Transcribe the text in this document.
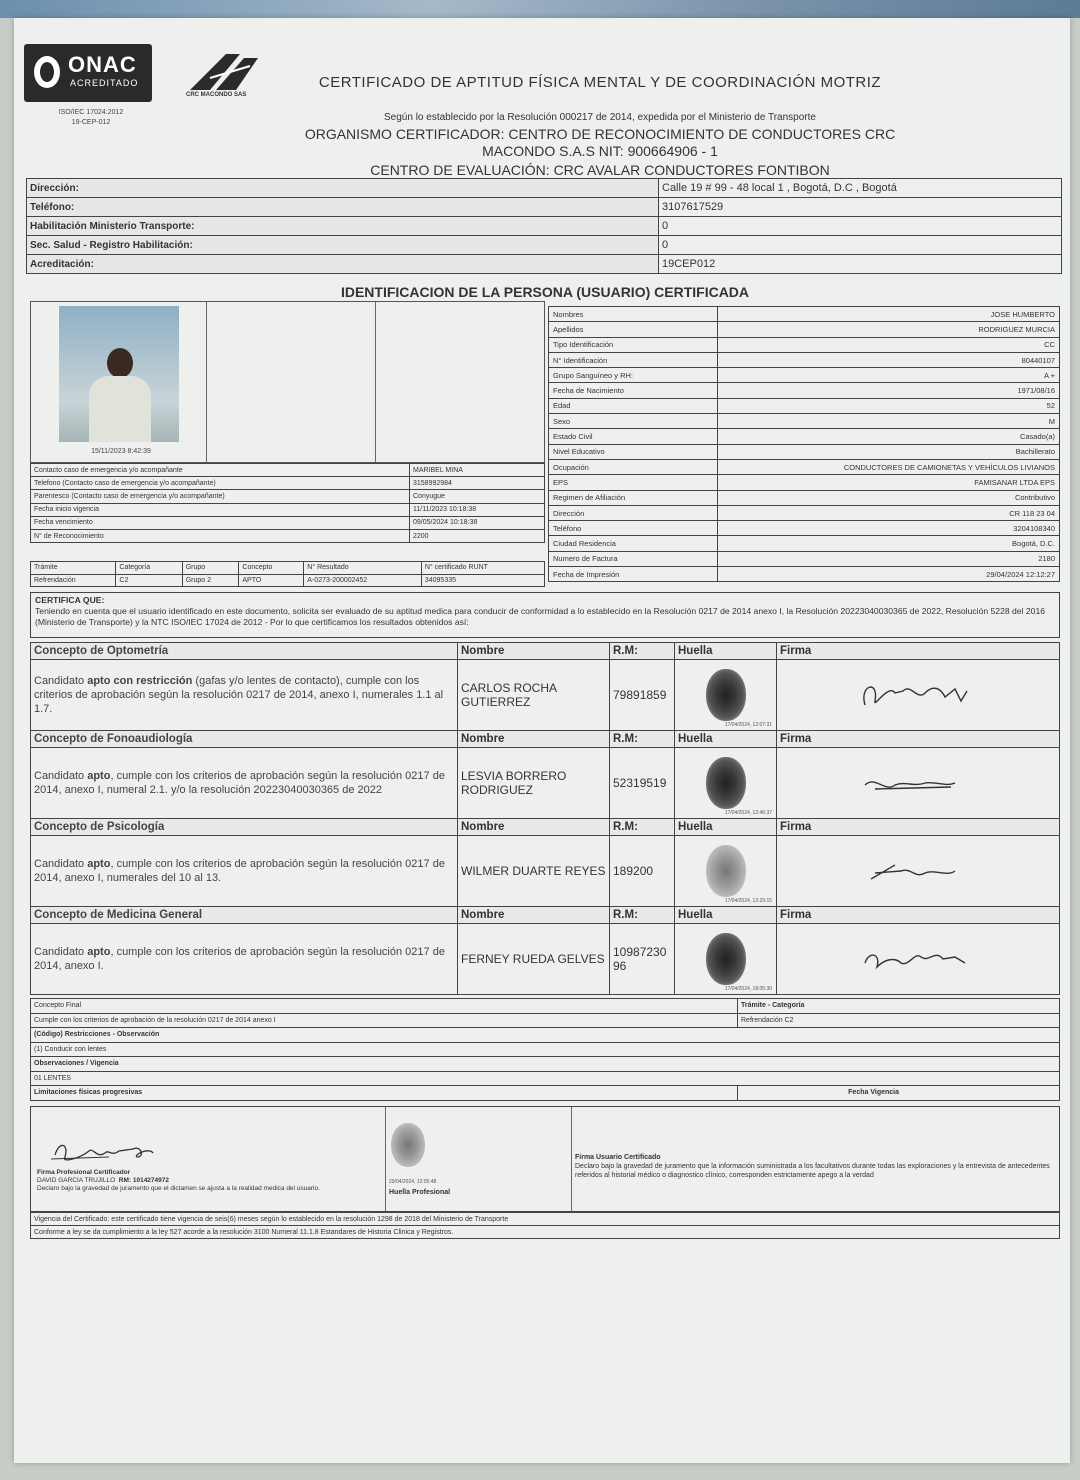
ONAC
ACREDITADO
ISO/IEC 17024:2012
19-CEP-012
CRC MACONDO SAS
CERTIFICADO DE APTITUD FÍSICA MENTAL Y DE COORDINACIÓN MOTRIZ
Según lo establecido por la Resolución 000217 de 2014, expedida por el Ministerio de Transporte
ORGANISMO CERTIFICADOR: CENTRO DE RECONOCIMIENTO DE CONDUCTORES CRC MACONDO S.A.S NIT: 900664906 - 1
CENTRO DE EVALUACIÓN: CRC AVALAR CONDUCTORES FONTIBON
Dirección:	Calle 19 # 99 - 48 local 1 , Bogotá, D.C , Bogotá
Teléfono:	3107617529
Habilitación Ministerio Transporte:	0
Sec. Salud - Registro Habilitación:	0
Acreditación:	19CEP012
IDENTIFICACION DE LA PERSONA (USUARIO) CERTIFICADA
15/11/2023 8:42:39
Nombres	JOSE HUMBERTO
Apellidos	RODRIGUEZ MURCIA
Tipo Identificación	CC
N° Identificación	80440107
Grupo Sanguíneo y RH:	A +
Fecha de Nacimiento	1971/08/16
Edad	52
Sexo	M
Estado Civil	Casado(a)
Nivel Educativo	Bachillerato
Ocupación	CONDUCTORES DE CAMIONETAS Y VEHÍCULOS LIVIANOS
EPS	FAMISANAR LTDA EPS
Regimen de Afiliación	Contributivo
Dirección	CR 118 23 04
Teléfono	3204108340
Ciudad Residencia	Bogotá, D.C.
Numero de Factura	2180
Fecha de Impresión	29/04/2024 12:12:27
Contacto caso de emergencia y/o acompañante	MARIBEL MINA
Telefono (Contacto caso de emergencia y/o acompañante)	3158992984
Parentesco (Contacto caso de emergencia y/o acompañante)	Conyugue
Fecha inicio vigencia	11/11/2023 10:18:38
Fecha vencimiento	09/05/2024 10:18:38
N° de Reconocimiento	2200
Trámite	Categoría	Grupo	Concepto	N° Resultado	N° certificado RUNT
Refrendación	C2	Grupo 2	APTO	A-0273-200002452	34095335
CERTIFICA QUE:
Teniendo en cuenta que el usuario identificado en este documento, solicita ser evaluado de su aptitud medica para conducir de conformidad a lo establecido en la Resolución 0217 de 2014 anexo I, la Resolución 20223040030365 de 2022, Resolución 5228 del 2016 (Ministerio de Transporte) y la NTC ISO/IEC 17024 de 2012 - Por lo que certificamos los resultados obtenidos así:
Concepto de Optometría	Nombre	R.M:	Huella	Firma
Candidato apto con restricción (gafas y/o lentes de contacto), cumple con los criterios de aprobación según la resolución 0217 de 2014, anexo I, numerales 1.1 al 1.7.	CARLOS ROCHA GUTIERREZ	79891859	17/04/2024, 12:07:31

Concepto de Fonoaudiología	Nombre	R.M:	Huella	Firma
Candidato apto, cumple con los criterios de aprobación según la resolución 0217 de 2014, anexo I, numeral 2.1. y/o la resolución 20223040030365 de 2022	LESVIA BORRERO RODRIGUEZ	52319519	17/04/2024, 12:46:37

Concepto de Psicología	Nombre	R.M:	Huella	Firma
Candidato apto, cumple con los criterios de aprobación según la resolución 0217 de 2014, anexo I, numerales del 10 al 13.	WILMER DUARTE REYES	189200	17/04/2024, 12:29:15

Concepto de Medicina General	Nombre	R.M:	Huella	Firma
Candidato apto, cumple con los criterios de aprobación según la resolución 0217 de 2014, anexo I.	FERNEY RUEDA GELVES	1098723096	17/04/2024, 18:05:30

Concepto Final	Trámite - Categoría
Cumple con los criterios de aprobación de la resolución 0217 de 2014 anexo I	Refrendación C2
(Código) Restricciones - Observación	
(1) Conducir con lentes	
Observaciones / Vigencia	
01 LENTES	
Limitaciones físicas progresivas	Fecha Vigencia
Firma Profesional Certificador
DAVID GARCIA TRUJILLO RM: 1014274972
Declaro bajo la gravedad de juramento que el dictamen se ajusta a la realidad medica del usuario.
29/04/2024, 12:05:48
Huella Profesional
Firma Usuario Certificado
Declaro bajo la gravedad de juramento que la información suministrada a los facultativos durante todas las exploraciones y la entrevista de antecedentes referidos al historial médico o diagnostico clínico, corresponden estrictamente apego a la verdad
Vigencia del Certificado: este certificado tiene vigencia de seis(6) meses según lo establecido en la resolución 1298 de 2018 del Ministerio de Transporte
Conforme a ley se da cumplimiento a la ley 527 acorde a la resolución 3100 Numeral 11.1.8 Estandares de Historia Clinica y Registros.
